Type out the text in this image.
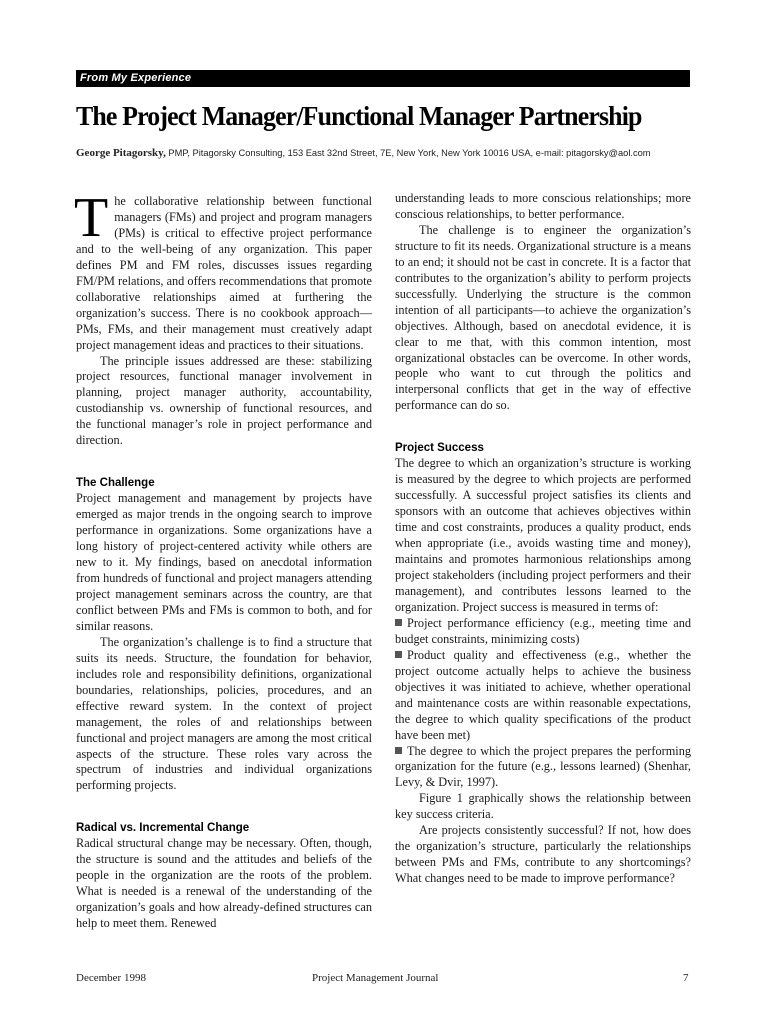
From My Experience
The Project Manager/Functional Manager Partnership
George Pitagorsky, PMP, Pitagorsky Consulting, 153 East 32nd Street, 7E, New York, New York 10016 USA, e-mail: pitagorsky@aol.com

The collaborative relationship between functional managers (FMs) and project and program managers (PMs) is critical to effective project performance and to the well-being of any organization. This paper defines PM and FM roles, discusses issues regarding FM/PM relations, and offers recommendations that promote collaborative relationships aimed at furthering the organization’s success. There is no cookbook approach—PMs, FMs, and their management must creatively adapt project management ideas and practices to their situations.

The principle issues addressed are these: stabilizing project resources, functional manager involvement in planning, project manager authority, accountability, custodianship vs. ownership of functional resources, and the functional manager’s role in project performance and direction.

The Challenge

Project management and management by projects have emerged as major trends in the ongoing search to improve performance in organizations. Some organizations have a long history of project-centered activity while others are new to it. My findings, based on anecdotal information from hundreds of functional and project managers attending project management seminars across the country, are that conflict between PMs and FMs is common to both, and for similar reasons.

The organization’s challenge is to find a structure that suits its needs. Structure, the foundation for behavior, includes role and responsibility definitions, organizational boundaries, relationships, policies, procedures, and an effective reward system. In the context of project management, the roles of and relationships between functional and project managers are among the most critical aspects of the structure. These roles vary across the spectrum of industries and individual organizations performing projects.

Radical vs. Incremental Change

Radical structural change may be necessary. Often, though, the structure is sound and the attitudes and beliefs of the people in the organization are the roots of the problem. What is needed is a renewal of the understanding of the organization’s goals and how already-defined structures can help to meet them. Renewed

understanding leads to more conscious relationships; more conscious relationships, to better performance.

The challenge is to engineer the organization’s structure to fit its needs. Organizational structure is a means to an end; it should not be cast in concrete. It is a factor that contributes to the organization’s ability to perform projects successfully. Underlying the structure is the common intention of all participants—to achieve the organization’s objectives. Although, based on anecdotal evidence, it is clear to me that, with this common intention, most organizational obstacles can be overcome. In other words, people who want to cut through the politics and interpersonal conflicts that get in the way of effective performance can do so.

Project Success

The degree to which an organization’s structure is working is measured by the degree to which projects are performed successfully. A successful project satisfies its clients and sponsors with an outcome that achieves objectives within time and cost constraints, produces a quality product, ends when appropriate (i.e., avoids wasting time and money), maintains and promotes harmonious relationships among project stakeholders (including project performers and their management), and contributes lessons learned to the organization. Project success is measured in terms of:

Project performance efficiency (e.g., meeting time and budget constraints, minimizing costs)

Product quality and effectiveness (e.g., whether the project outcome actually helps to achieve the business objectives it was initiated to achieve, whether operational and maintenance costs are within reasonable expectations, the degree to which quality specifications of the product have been met)

The degree to which the project prepares the performing organization for the future (e.g., lessons learned) (Shenhar, Levy, & Dvir, 1997).

Figure 1 graphically shows the relationship between key success criteria.

Are projects consistently successful? If not, how does the organization’s structure, particularly the relationships between PMs and FMs, contribute to any shortcomings? What changes need to be made to improve performance?

December 1998	Project Management Journal	7
